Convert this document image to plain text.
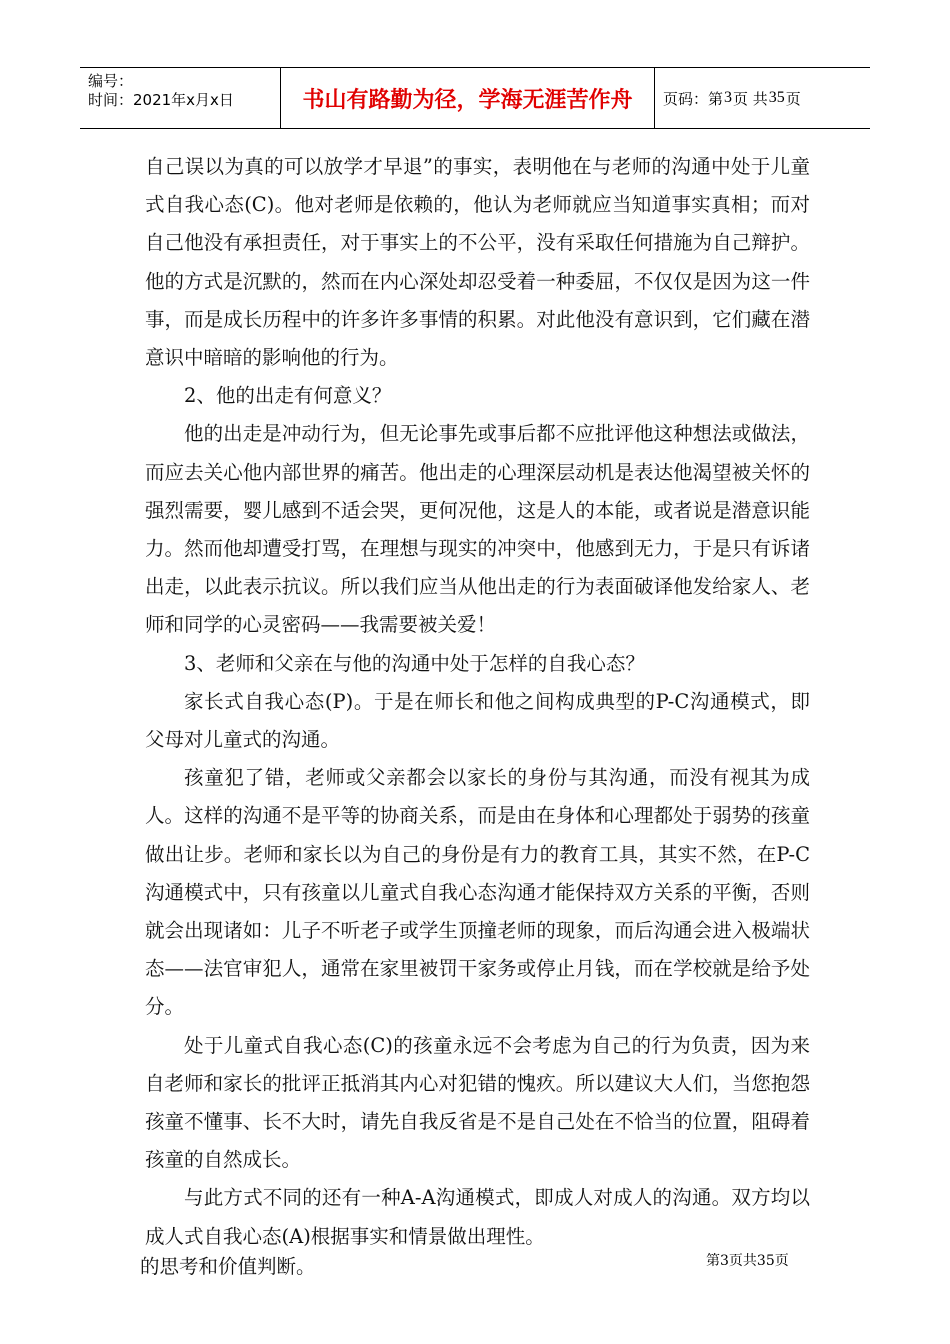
编号：
时间：2021年x月x日	书山有路勤为径，学海无涯苦作舟	页码：第 3 页 共 35 页

自己误以为真的可以放学才早退”的事实，表明他在与老师的沟通中处于儿童式自我心态(C)。他对老师是依赖的，他认为老师就应当知道事实真相；而对自己他没有承担责任，对于事实上的不公平，没有采取任何措施为自己辩护。他的方式是沉默的，然而在内心深处却忍受着一种委屈，不仅仅是因为这一件事，而是成长历程中的许多许多事情的积累。对此他没有意识到，它们藏在潜意识中暗暗的影响他的行为。

2、他的出走有何意义？

他的出走是冲动行为，但无论事先或事后都不应批评他这种想法或做法，而应去关心他内部世界的痛苦。他出走的心理深层动机是表达他渴望被关怀的强烈需要，婴儿感到不适会哭，更何况他，这是人的本能，或者说是潜意识能力。然而他却遭受打骂，在理想与现实的冲突中，他感到无力，于是只有诉诸出走，以此表示抗议。所以我们应当从他出走的行为表面破译他发给家人、老师和同学的心灵密码——我需要被关爱！

3、老师和父亲在与他的沟通中处于怎样的自我心态？

家长式自我心态(P)。于是在师长和他之间构成典型的P-C沟通模式，即父母对儿童式的沟通。

孩童犯了错，老师或父亲都会以家长的身份与其沟通，而没有视其为成人。这样的沟通不是平等的协商关系，而是由在身体和心理都处于弱势的孩童做出让步。老师和家长以为自己的身份是有力的教育工具，其实不然，在P-C沟通模式中，只有孩童以儿童式自我心态沟通才能保持双方关系的平衡，否则就会出现诸如：儿子不听老子或学生顶撞老师的现象，而后沟通会进入极端状态——法官审犯人，通常在家里被罚干家务或停止月钱，而在学校就是给予处分。

处于儿童式自我心态(C)的孩童永远不会考虑为自己的行为负责，因为来自老师和家长的批评正抵消其内心对犯错的愧疚。所以建议大人们，当您抱怨孩童不懂事、长不大时，请先自我反省是不是自己处在不恰当的位置，阻碍着孩童的自然成长。

与此方式不同的还有一种A-A沟通模式，即成人对成人的沟通。双方均以成人式自我心态(A)根据事实和情景做出理性。

的思考和价值判断。	第3页共35页
